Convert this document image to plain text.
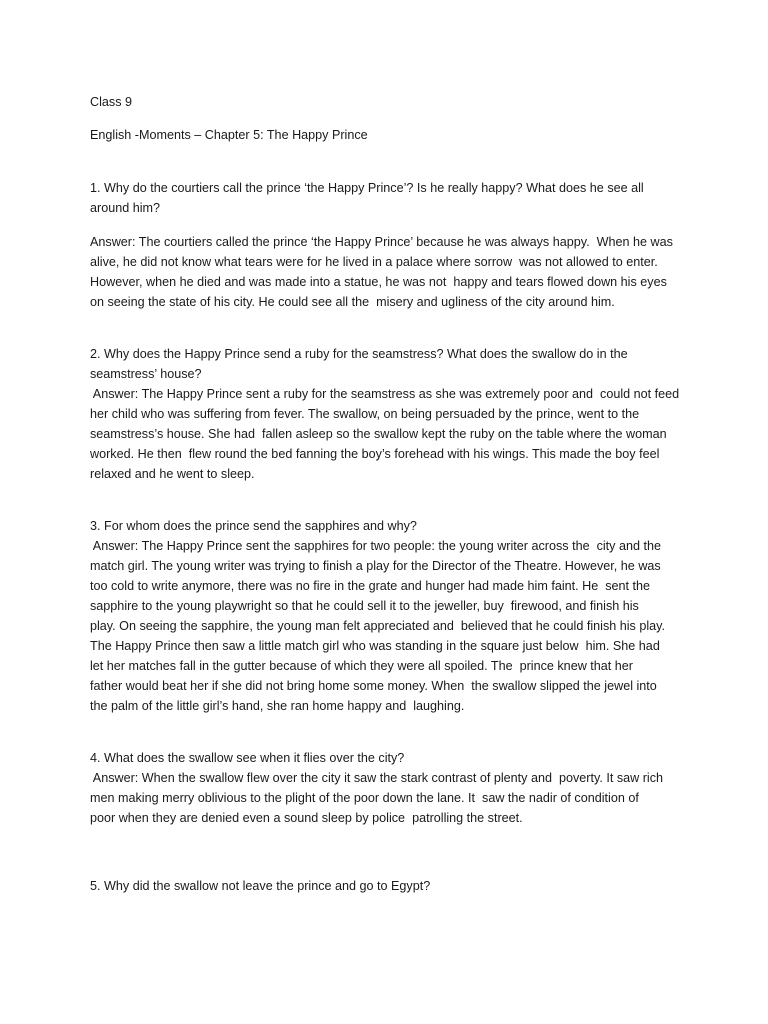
Class 9
English -Moments – Chapter 5: The Happy Prince
1. Why do the courtiers call the prince ‘the Happy Prince’? Is he really happy? What does he see all
around him?
Answer: The courtiers called the prince ‘the Happy Prince’ because he was always happy.  When he was
alive, he did not know what tears were for he lived in a palace where sorrow  was not allowed to enter.
However, when he died and was made into a statue, he was not  happy and tears flowed down his eyes
on seeing the state of his city. He could see all the  misery and ugliness of the city around him.
2. Why does the Happy Prince send a ruby for the seamstress? What does the swallow do in the
seamstress’ house?
Answer: The Happy Prince sent a ruby for the seamstress as she was extremely poor and  could not feed
her child who was suffering from fever. The swallow, on being persuaded by the prince, went to the
seamstress’s house. She had  fallen asleep so the swallow kept the ruby on the table where the woman
worked. He then  flew round the bed fanning the boy’s forehead with his wings. This made the boy feel
relaxed and he went to sleep.
3. For whom does the prince send the sapphires and why?
Answer: The Happy Prince sent the sapphires for two people: the young writer across the  city and the
match girl. The young writer was trying to finish a play for the Director of the Theatre. However, he was
too cold to write anymore, there was no fire in the grate and hunger had made him faint. He  sent the
sapphire to the young playwright so that he could sell it to the jeweller, buy  firewood, and finish his
play. On seeing the sapphire, the young man felt appreciated and  believed that he could finish his play.
The Happy Prince then saw a little match girl who was standing in the square just below  him. She had
let her matches fall in the gutter because of which they were all spoiled. The  prince knew that her
father would beat her if she did not bring home some money. When  the swallow slipped the jewel into
the palm of the little girl’s hand, she ran home happy and  laughing.
4. What does the swallow see when it flies over the city?
Answer: When the swallow flew over the city it saw the stark contrast of plenty and  poverty. It saw rich
men making merry oblivious to the plight of the poor down the lane. It  saw the nadir of condition of
poor when they are denied even a sound sleep by police  patrolling the street.
5. Why did the swallow not leave the prince and go to Egypt?
